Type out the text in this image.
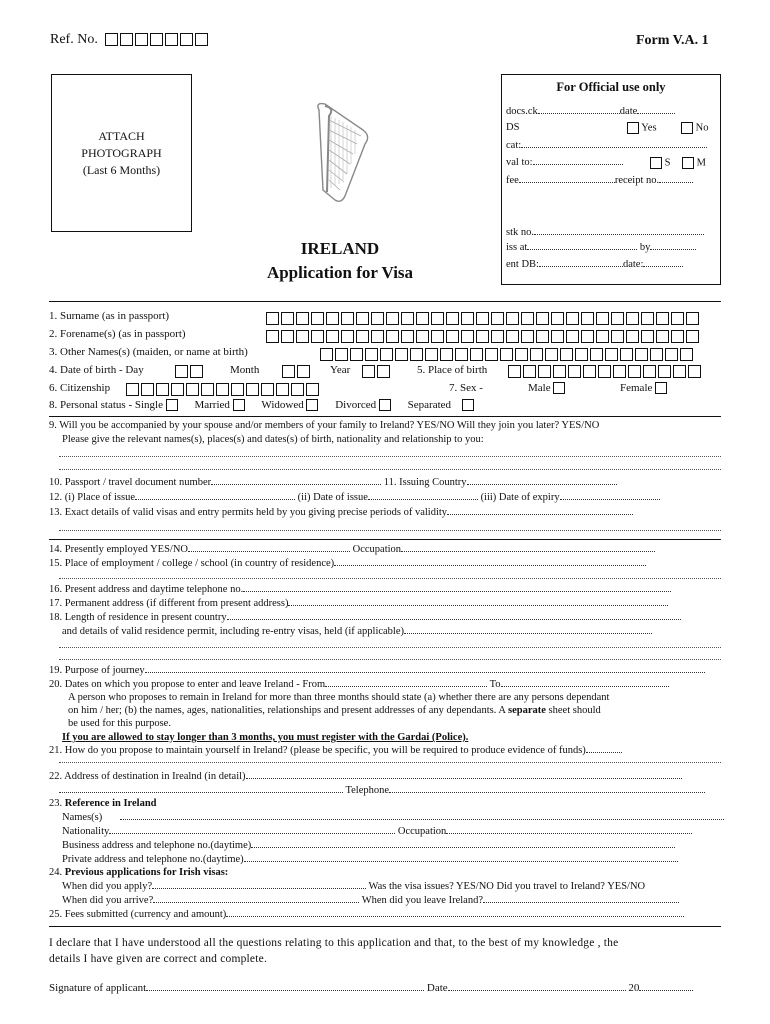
Ref. No.	Form V.A. 1
ATTACH
PHOTOGRAPH
(Last 6 Months)
IRELAND
Application for Visa
For Official use only
docs.ck	date
DS	Yes	No
cat:
val to:	S	M
fee	receipt no.
stk no.
iss at	by
ent DB:	date:
1. Surname (as in passport)
2. Forename(s) (as in passport)
3. Other Names(s) (maiden, or name at birth)
4. Date of birth - Day	Month	Year	5. Place of birth
6. Citizenship	7. Sex -	Male	Female
8. Personal status - Single	Married	Widowed	Divorced	Separated
9. Will you be accompanied by your spouse and/or members of your family to Ireland? YES/NO Will they join you later? YES/NO
Please give the relevant names(s), places(s) and dates(s) of birth, nationality and relationship to you:
10. Passport / travel document number	11. Issuing Country
12. (i) Place of issue	(ii) Date of issue	(iii) Date of expiry
13. Exact details of valid visas and entry permits held by you giving precise periods of validity
14. Presently employed YES/NO	Occupation
15. Place of employment / college / school (in country of residence)
16. Present address and daytime telephone no.
17. Permanent address (if different from present address)
18. Length of residence in present country
and details of valid residence permit, including re-entry visas, held (if applicable)
19. Purpose of journey
20. Dates on which you propose to enter and leave Ireland - From	To
A person who proposes to remain in Ireland for more than three months should state (a) whether there are any persons dependant
on him / her; (b) the names, ages, nationalities, relationships and present addresses of any dependants. A separate sheet should
be used for this purpose.
If you are allowed to stay longer than 3 months, you must register with the Gardai (Police).
21. How do you propose to maintain yourself in Ireland? (please be specific, you will be required to produce evidence of funds)
22. Address of destination in Irealnd (in detail)
Telephone
23. Reference in Ireland
Names(s)
Nationality	Occupation
Business address and telephone no.(daytime)
Private address and telephone no.(daytime)
24. Previous applications for Irish visas:
When did you apply?	Was the visa issues? YES/NO Did you travel to Ireland? YES/NO
When did you arrive?	When did you leave Ireland?
25. Fees submitted (currency and amount)
I declare that I have understood all the questions relating to this application and that, to the best of my knowledge , the
details I have given are correct and complete.
Signature of applicant	Date	20
